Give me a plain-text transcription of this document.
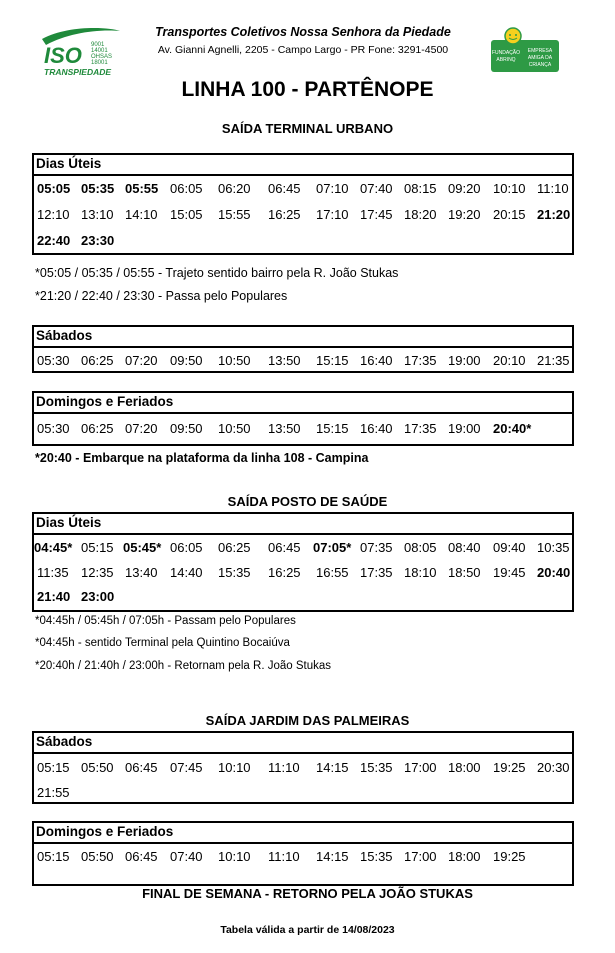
ISO 9001
14001
OHSAS
18001
TRANSPIEDADE
Transportes Coletivos Nossa Senhora da Piedade
Av. Gianni Agnelli, 2205 - Campo Largo - PR Fone: 3291-4500	FUNDAÇÃO
ABRINQ
EMPRESA
AMIGA DA
CRIANÇA
LINHA 100 - PARTÊNOPE
SAÍDA TERMINAL URBANO
Dias Úteis
05:05 05:35 05:55 06:05 06:20 06:45 07:10 07:40 08:15 09:20 10:10 11:10
12:10 13:10 14:10 15:05 15:55 16:25 17:10 17:45 18:20 19:20 20:15 21:20
22:40 23:30
*05:05 / 05:35 / 05:55 - Trajeto sentido bairro pela R. João Stukas
*21:20 / 22:40 / 23:30 - Passa pelo Populares
Sábados
05:30 06:25 07:20 09:50 10:50 13:50 15:15 16:40 17:35 19:00 20:10 21:35
Domingos e Feriados
05:30 06:25 07:20 09:50 10:50 13:50 15:15 16:40 17:35 19:00 20:40*
*20:40 - Embarque na plataforma da linha 108 - Campina
SAÍDA POSTO DE SAÚDE
Dias Úteis
04:45* 05:15 05:45* 06:05 06:25 06:45 07:05* 07:35 08:05 08:40 09:40 10:35
11:35 12:35 13:40 14:40 15:35 16:25 16:55 17:35 18:10 18:50 19:45 20:40
21:40 23:00
*04:45h / 05:45h / 07:05h - Passam pelo Populares
*04:45h - sentido Terminal pela Quintino Bocaiúva
*20:40h / 21:40h / 23:00h - Retornam pela R. João Stukas
SAÍDA JARDIM DAS PALMEIRAS
Sábados
05:15 05:50 06:45 07:45 10:10 11:10 14:15 15:35 17:00 18:00 19:25 20:30
21:55
Domingos e Feriados
05:15 05:50 06:45 07:40 10:10 11:10 14:15 15:35 17:00 18:00 19:25
FINAL DE SEMANA - RETORNO PELA JOÃO STUKAS
Tabela válida a partir de 14/08/2023
